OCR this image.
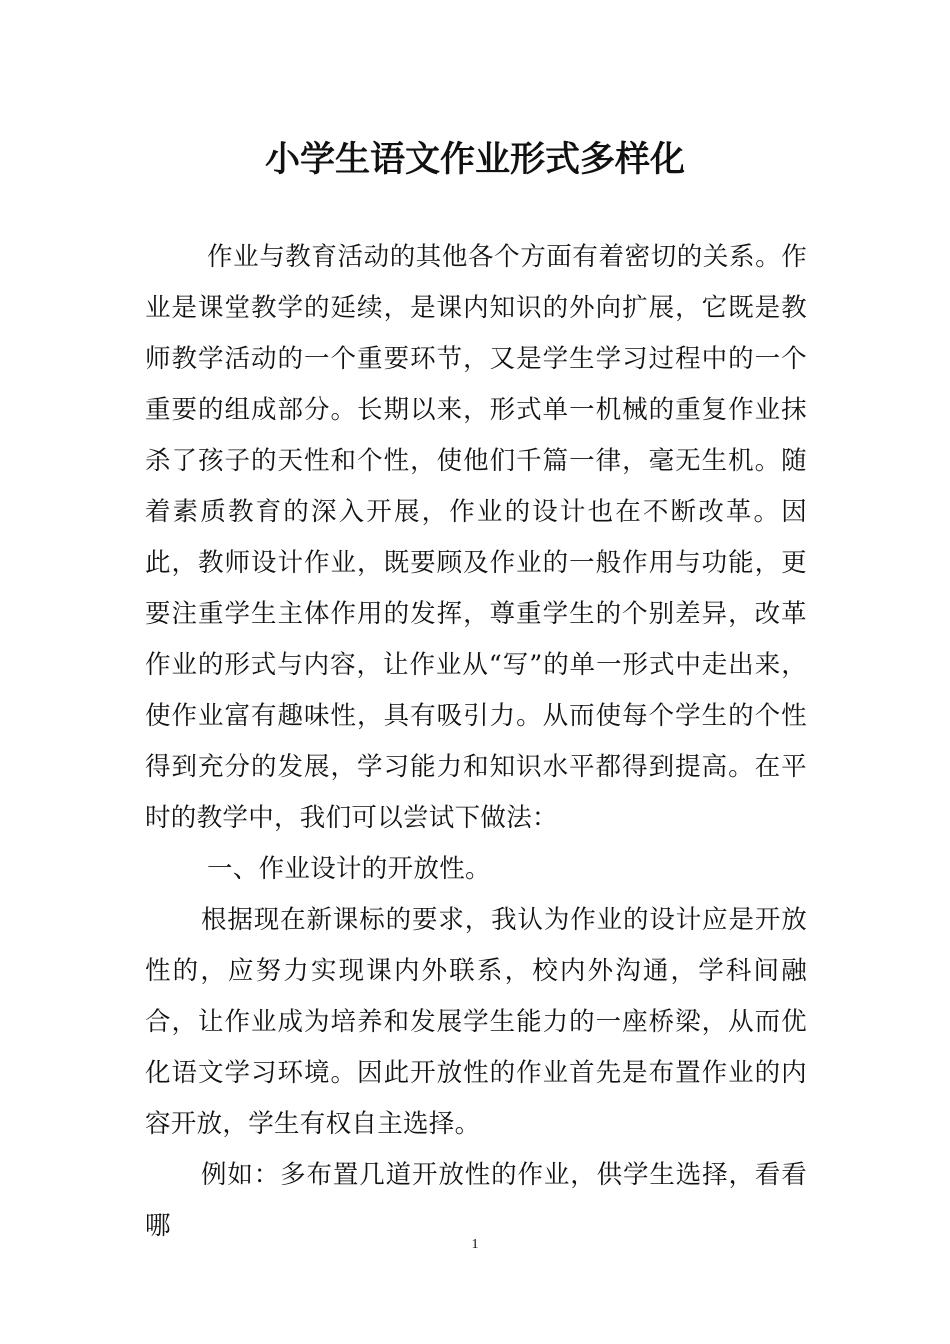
小学生语文作业形式多样化

作业与教育活动的其他各个方面有着密切的关系。作业是课堂教学的延续，是课内知识的外向扩展，它既是教师教学活动的一个重要环节，又是学生学习过程中的一个重要的组成部分。长期以来，形式单一机械的重复作业抹杀了孩子的天性和个性，使他们千篇一律，毫无生机。随着素质教育的深入开展，作业的设计也在不断改革。因此，教师设计作业，既要顾及作业的一般作用与功能，更要注重学生主体作用的发挥，尊重学生的个别差异，改革作业的形式与内容，让作业从“写”的单一形式中走出来，使作业富有趣味性，具有吸引力。从而使每个学生的个性得到充分的发展，学习能力和知识水平都得到提高。在平时的教学中，我们可以尝试下做法：

一、作业设计的开放性。

根据现在新课标的要求，我认为作业的设计应是开放性的，应努力实现课内外联系，校内外沟通，学科间融合，让作业成为培养和发展学生能力的一座桥梁，从而优化语文学习环境。因此开放性的作业首先是布置作业的内容开放，学生有权自主选择。

例如：多布置几道开放性的作业，供学生选择，看看哪

1
